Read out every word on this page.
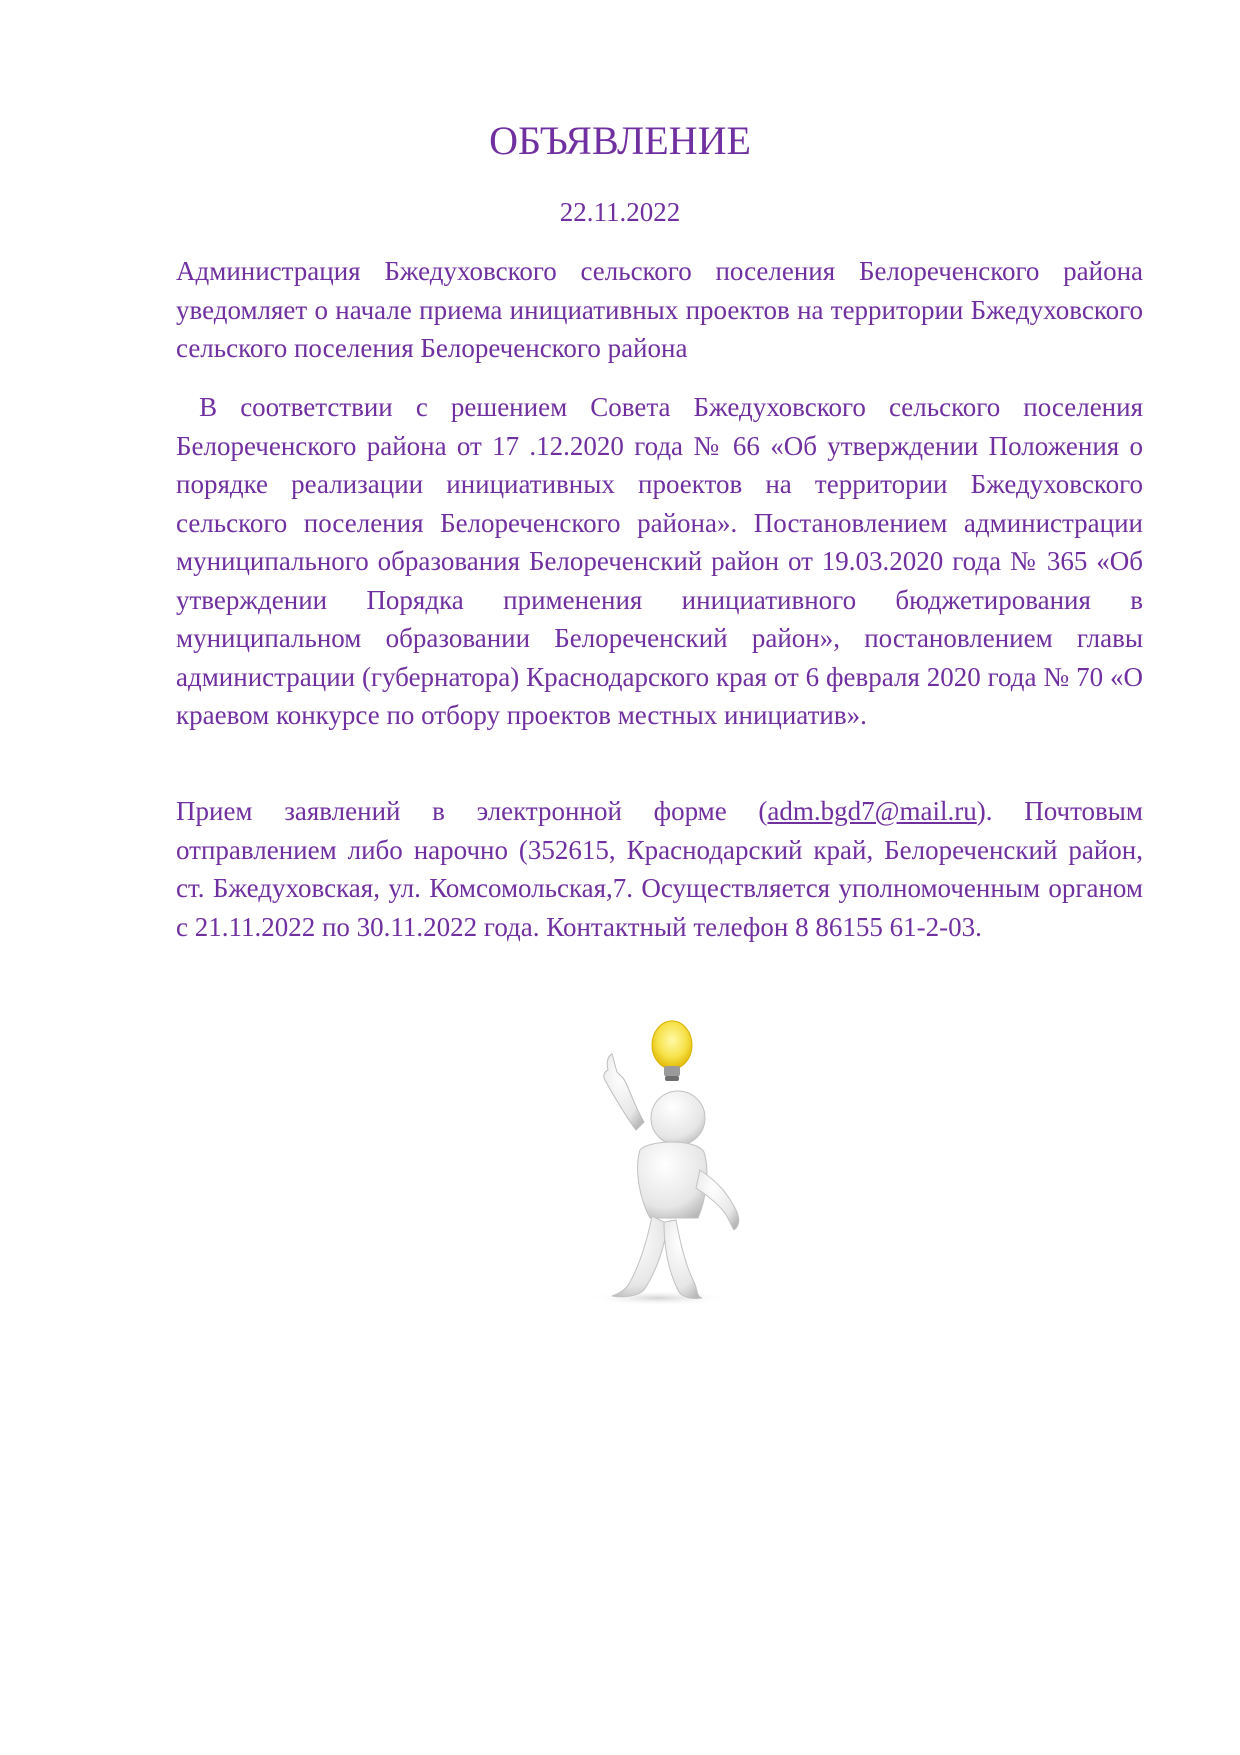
ОБЪЯВЛЕНИЕ

22.11.2022

Администрация Бжедуховского сельского поселения Белореченского района уведомляет о начале приема инициативных проектов на территории Бжедуховского сельского поселения Белореченского района

В соответствии с решением Совета Бжедуховского сельского поселения Белореченского района от 17 .12.2020 года № 66 «Об утверждении Положения о порядке реализации инициативных проектов на территории Бжедуховского сельского поселения Белореченского района». Постановлением администрации муниципального образования Белореченский район от 19.03.2020 года № 365 «Об утверждении Порядка применения инициативного бюджетирования в муниципальном образовании Белореченский район», постановлением главы администрации (губернатора) Краснодарского края от 6 февраля 2020 года № 70 «О краевом конкурсе по отбору проектов местных инициатив».

Прием заявлений в электронной форме (adm.bgd7@mail.ru). Почтовым отправлением либо нарочно (352615, Краснодарский край, Белореченский район, ст. Бжедуховская, ул. Комсомольская,7. Осуществляется уполномоченным органом с 21.11.2022 по 30.11.2022 года. Контактный телефон 8 86155 61-2-03.
